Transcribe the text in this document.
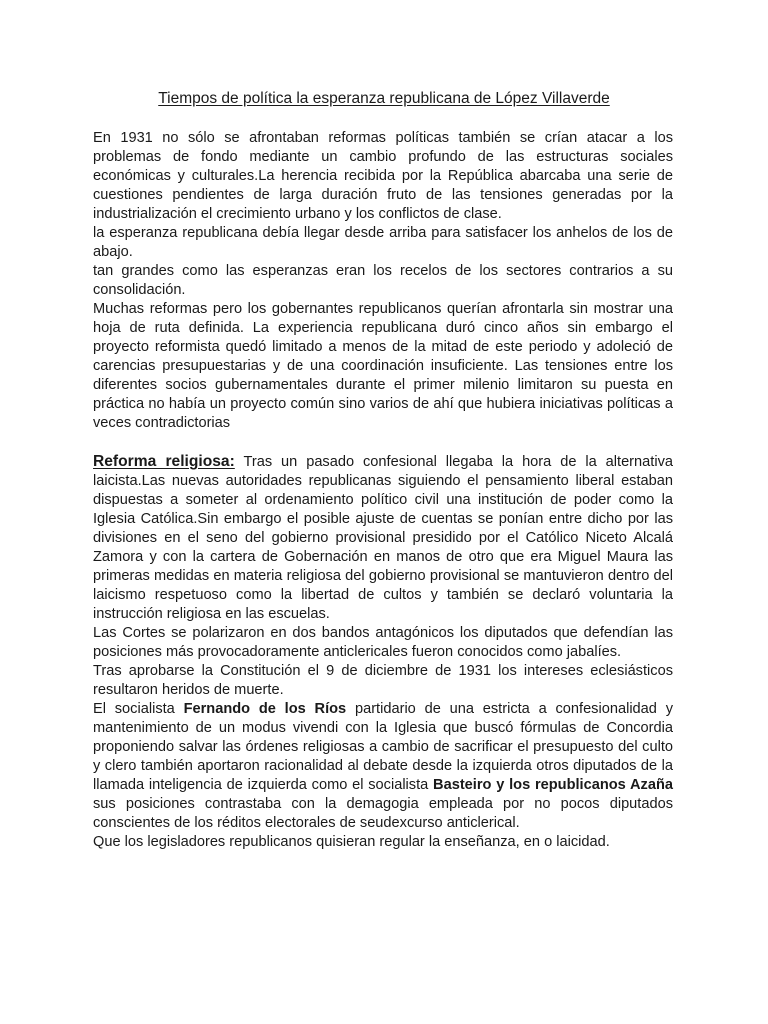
Tiempos de política la esperanza republicana de López Villaverde

En 1931 no sólo se afrontaban reformas políticas también se crían atacar a los problemas de fondo mediante un cambio profundo de las estructuras sociales económicas y culturales.La herencia recibida por la República abarcaba una serie de cuestiones pendientes de larga duración fruto de las tensiones generadas por la industrialización el crecimiento urbano y los conflictos de clase.

la esperanza republicana debía llegar desde arriba para satisfacer los anhelos de los de abajo.

tan grandes como las esperanzas eran los recelos de los sectores contrarios a su consolidación.

Muchas reformas pero los gobernantes republicanos querían afrontarla sin mostrar una hoja de ruta definida. La experiencia republicana duró cinco años sin embargo el proyecto reformista quedó limitado a menos de la mitad de este periodo y adoleció de carencias presupuestarias y de una coordinación insuficiente. Las tensiones entre los diferentes socios gubernamentales durante el primer milenio limitaron su puesta en práctica no había un proyecto común sino varios de ahí que hubiera iniciativas políticas a veces contradictorias

Reforma religiosa: Tras un pasado confesional llegaba la hora de la alternativa laicista.Las nuevas autoridades republicanas siguiendo el pensamiento liberal estaban dispuestas a someter al ordenamiento político civil una institución de poder como la Iglesia Católica.Sin embargo el posible ajuste de cuentas se ponían entre dicho por las divisiones en el seno del gobierno provisional presidido por el Católico Niceto Alcalá Zamora y con la cartera de Gobernación en manos de otro que era Miguel Maura las primeras medidas en materia religiosa del gobierno provisional se mantuvieron dentro del laicismo respetuoso como la libertad de cultos y también se declaró voluntaria la instrucción religiosa en las escuelas.

Las Cortes se polarizaron en dos bandos antagónicos los diputados que defendían las posiciones más provocadoramente anticlericales fueron conocidos como jabalíes.

Tras aprobarse la Constitución el 9 de diciembre de 1931 los intereses eclesiásticos resultaron heridos de muerte.

El socialista Fernando de los Ríos partidario de una estricta a confesionalidad y mantenimiento de un modus vivendi con la Iglesia que buscó fórmulas de Concordia proponiendo salvar las órdenes religiosas a cambio de sacrificar el presupuesto del culto y clero también aportaron racionalidad al debate desde la izquierda otros diputados de la llamada inteligencia de izquierda como el socialista Basteiro y los republicanos Azaña sus posiciones contrastaba con la demagogia empleada por no pocos diputados conscientes de los réditos electorales de seudexcurso anticlerical.

Que los legisladores republicanos quisieran regular la enseñanza, en o laicidad.
